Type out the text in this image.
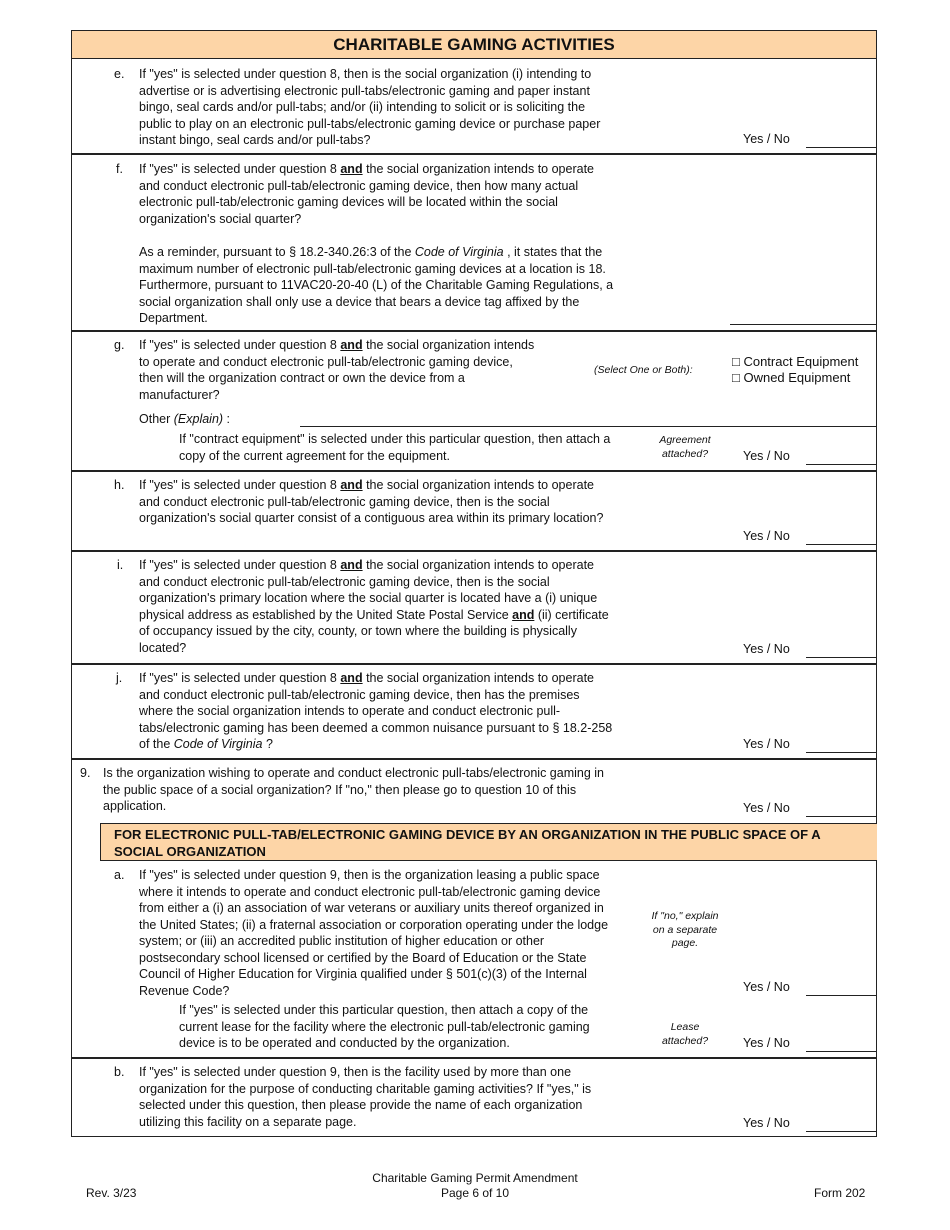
CHARITABLE GAMING ACTIVITIES
e. If "yes" is selected under question 8, then is the social organization (i) intending to
advertise or is advertising electronic pull-tabs/electronic gaming and paper instant
bingo, seal cards and/or pull-tabs; and/or (ii) intending to solicit or is soliciting the
public to play on an electronic pull-tabs/electronic gaming device or purchase paper
instant bingo, seal cards and/or pull-tabs?	Yes / No
f. If "yes" is selected under question 8 and the social organization intends to operate
and conduct electronic pull-tab/electronic gaming device, then how many actual
electronic pull-tab/electronic gaming devices will be located within the social
organization's social quarter?
As a reminder, pursuant to § 18.2-340.26:3 of the Code of Virginia , it states that the
maximum number of electronic pull-tab/electronic gaming devices at a location is 18.
Furthermore, pursuant to 11VAC20-20-40 (L) of the Charitable Gaming Regulations, a
social organization shall only use a device that bears a device tag affixed by the
Department.
g. If "yes" is selected under question 8 and the social organization intends
to operate and conduct electronic pull-tab/electronic gaming device,
then will the organization contract or own the device from a
manufacturer?
(Select One or Both):
□ Contract Equipment
□ Owned Equipment
Other (Explain) :
If "contract equipment" is selected under this particular question, then attach a
copy of the current agreement for the equipment.
Agreement
attached?	Yes / No
h. If "yes" is selected under question 8 and the social organization intends to operate
and conduct electronic pull-tab/electronic gaming device, then is the social
organization's social quarter consist of a contiguous area within its primary location?
Yes / No
i. If "yes" is selected under question 8 and the social organization intends to operate
and conduct electronic pull-tab/electronic gaming device, then is the social
organization's primary location where the social quarter is located have a (i) unique
physical address as established by the United State Postal Service and (ii) certificate
of occupancy issued by the city, county, or town where the building is physically
located?	Yes / No
j. If "yes" is selected under question 8 and the social organization intends to operate
and conduct electronic pull-tab/electronic gaming device, then has the premises
where the social organization intends to operate and conduct electronic pull-
tabs/electronic gaming has been deemed a common nuisance pursuant to § 18.2-258
of the Code of Virginia ?	Yes / No
9. Is the organization wishing to operate and conduct electronic pull-tabs/electronic gaming in
the public space of a social organization? If "no," then please go to question 10 of this
application.	Yes / No
FOR ELECTRONIC PULL-TAB/ELECTRONIC GAMING DEVICE BY AN ORGANIZATION IN THE PUBLIC SPACE OF A
SOCIAL ORGANIZATION
a. If "yes" is selected under question 9, then is the organization leasing a public space
where it intends to operate and conduct electronic pull-tab/electronic gaming device
from either a (i) an association of war veterans or auxiliary units thereof organized in
the United States; (ii) a fraternal association or corporation operating under the lodge
system; or (iii) an accredited public institution of higher education or other
postsecondary school licensed or certified by the Board of Education or the State
Council of Higher Education for Virginia qualified under § 501(c)(3) of the Internal
Revenue Code?
If "no," explain
on a separate
page.
Yes / No
If "yes" is selected under this particular question, then attach a copy of the
current lease for the facility where the electronic pull-tab/electronic gaming
device is to be operated and conducted by the organization.
Lease
attached?	Yes / No
b. If "yes" is selected under question 9, then is the facility used by more than one
organization for the purpose of conducting charitable gaming activities? If "yes," is
selected under this question, then please provide the name of each organization
utilizing this facility on a separate page.	Yes / No
Rev. 3/23
Charitable Gaming Permit Amendment
Page 6 of 10	Form 202
